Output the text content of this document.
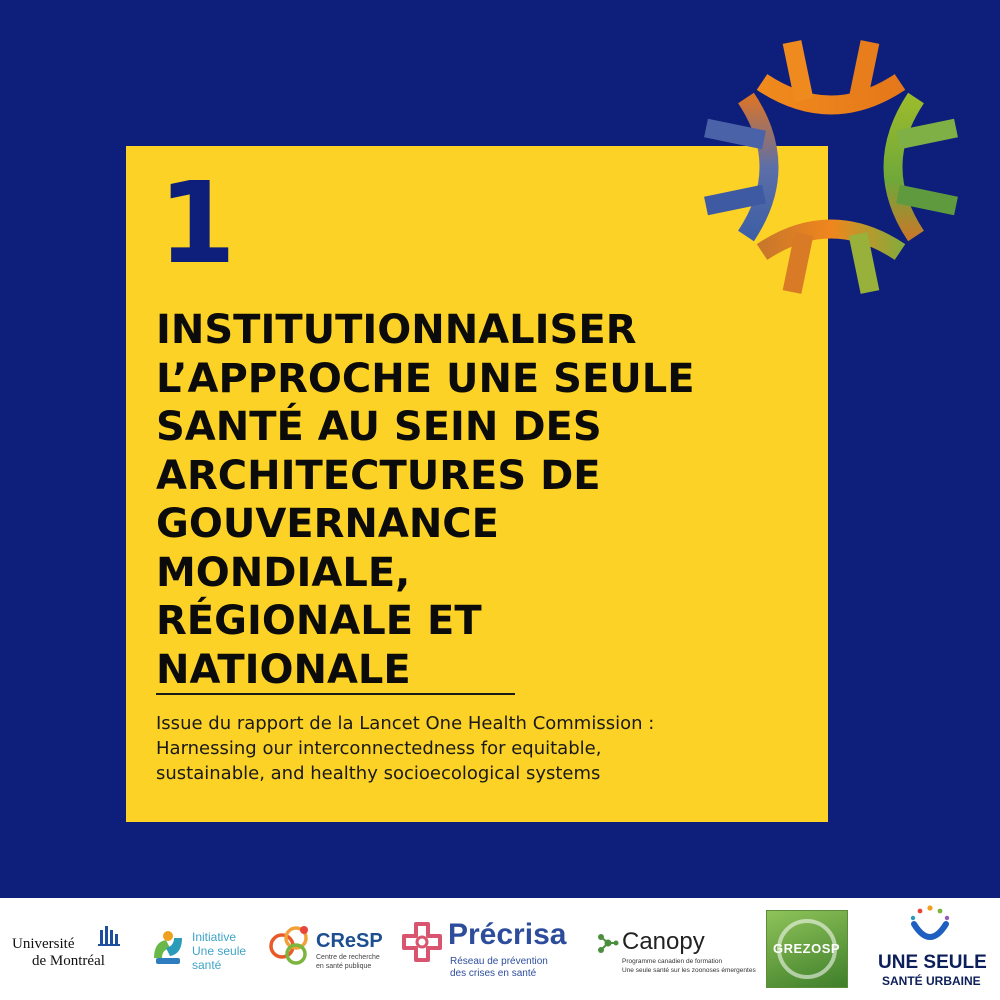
1
INSTITUTIONNALISER
L’APPROCHE UNE SEULE
SANTÉ AU SEIN DES
ARCHITECTURES DE
GOUVERNANCE
MONDIALE,
RÉGIONALE ET
NATIONALE
Issue du rapport de la Lancet One Health Commission :
Harnessing our interconnectedness for equitable,
sustainable, and healthy socioecological systems
Université
de Montréal
Initiative
Une seule
santé
CReSP
Centre de recherche
en santé publique
Précrisa
Réseau de prévention
des crises en santé
Canopy
Programme canadien de formation
Une seule santé sur les zoonoses émergentes
GREZOSP
UNE SEULE
SANTÉ URBAINE
